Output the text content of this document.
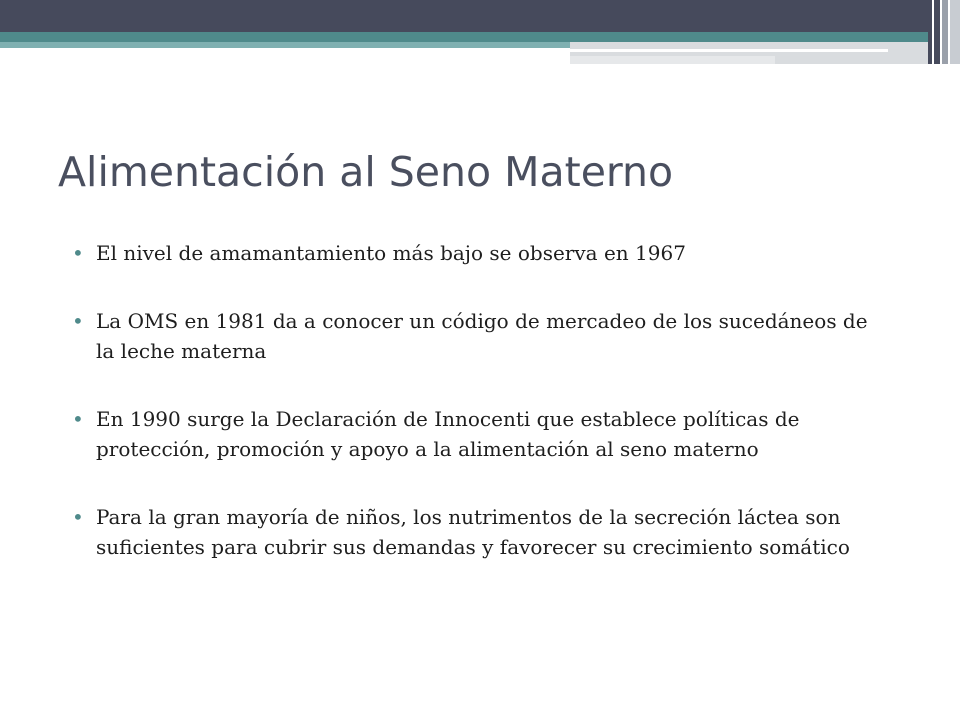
Alimentación al Seno Materno
• El nivel de amamantamiento más bajo se observa en 1967
• La OMS en 1981 da a conocer un código de mercadeo de los sucedáneos de la leche materna
• En 1990 surge la Declaración de Innocenti que establece políticas de protección, promoción y apoyo a la alimentación al seno materno
• Para la gran mayoría de niños, los nutrimentos de la secreción láctea son suficientes para cubrir sus demandas y favorecer su crecimiento somático
